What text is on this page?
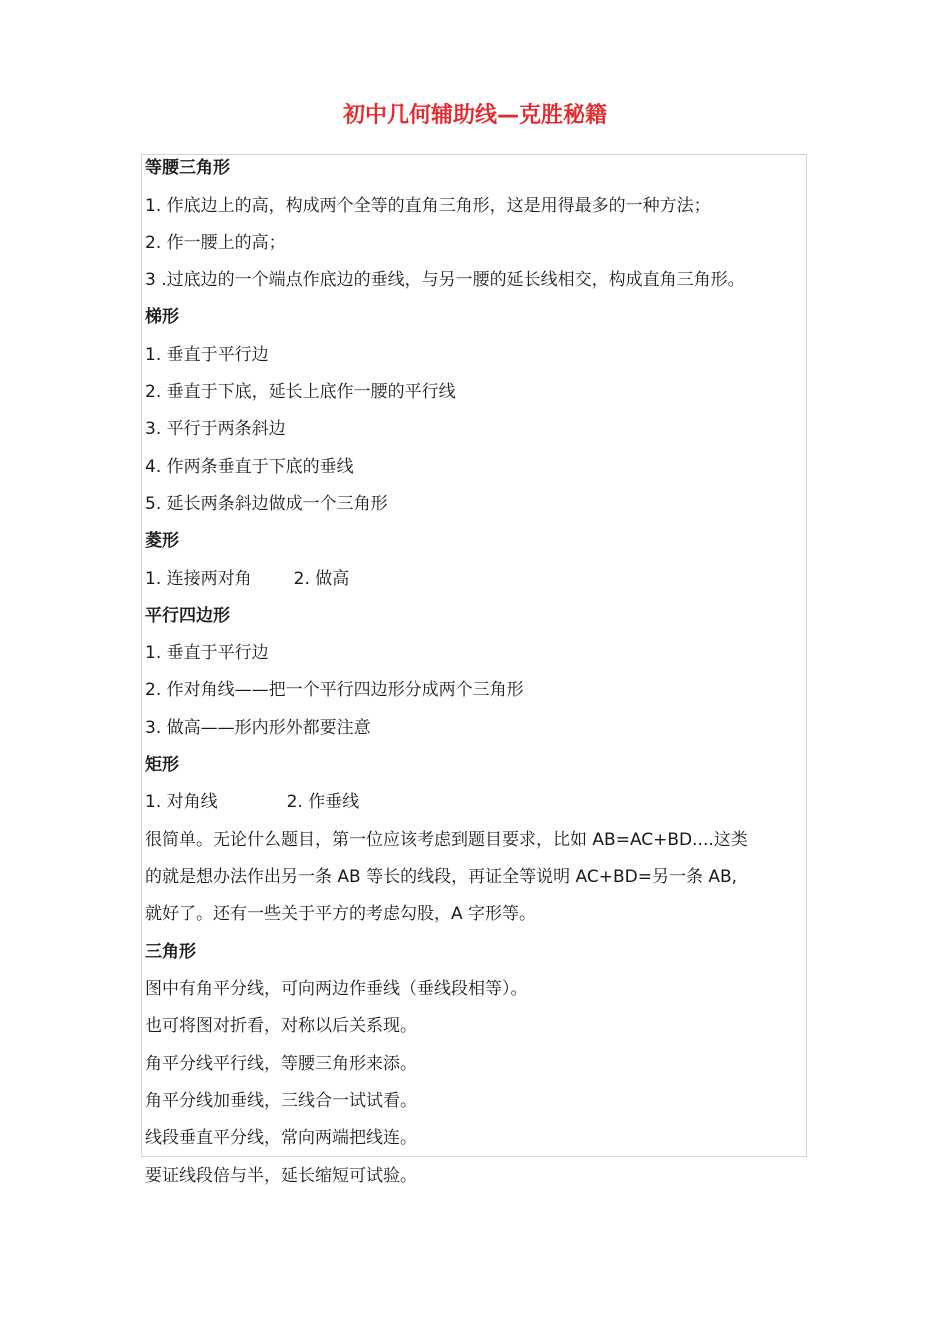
初中几何辅助线—克胜秘籍
等腰三角形
1. 作底边上的高，构成两个全等的直角三角形，这是用得最多的一种方法；
2. 作一腰上的高；
3 .过底边的一个端点作底边的垂线，与另一腰的延长线相交，构成直角三角形。
梯形
1. 垂直于平行边
2. 垂直于下底，延长上底作一腰的平行线
3. 平行于两条斜边
4. 作两条垂直于下底的垂线
5. 延长两条斜边做成一个三角形
菱形
1. 连接两对角 2. 做高
平行四边形
1. 垂直于平行边
2. 作对角线——把一个平行四边形分成两个三角形
3. 做高——形内形外都要注意
矩形
1. 对角线	2. 作垂线
很简单。无论什么题目，第一位应该考虑到题目要求，比如 AB=AC+BD....这类
的就是想办法作出另一条 AB 等长的线段，再证全等说明 AC+BD=另一条 AB,
就好了。还有一些关于平方的考虑勾股，A 字形等。
三角形
图中有角平分线，可向两边作垂线（垂线段相等）。
也可将图对折看，对称以后关系现。
角平分线平行线，等腰三角形来添。
角平分线加垂线，三线合一试试看。
线段垂直平分线，常向两端把线连。
要证线段倍与半，延长缩短可试验。
